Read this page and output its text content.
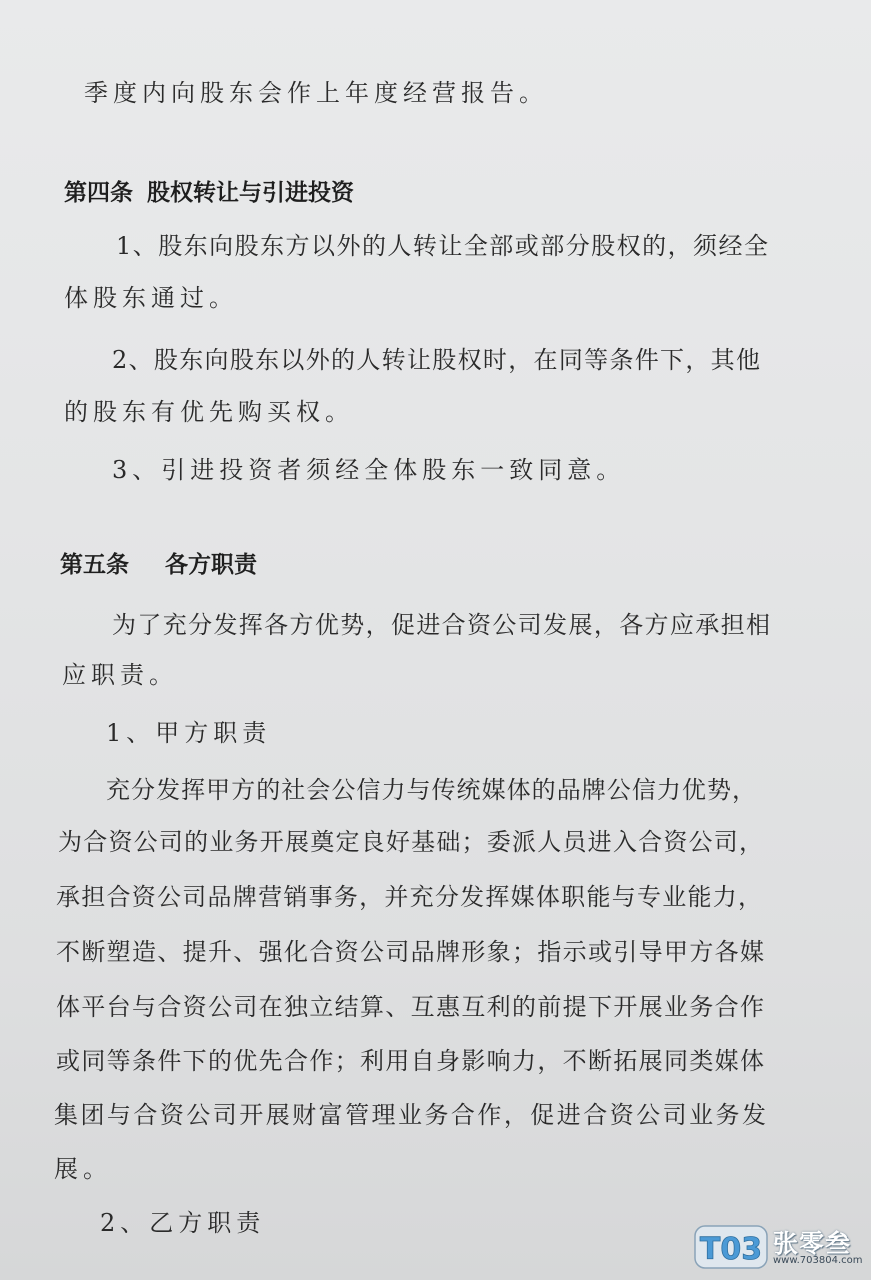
季度内向股东会作上年度经营报告。
第四条 股权转让与引进投资
1、股东向股东方以外的人转让全部或部分股权的，须经全
体股东通过。
2、股东向股东以外的人转让股权时，在同等条件下，其他
的股东有优先购买权。
3、引进投资者须经全体股东一致同意。
第五条 各方职责
为了充分发挥各方优势，促进合资公司发展，各方应承担相
应职责。
1、甲方职责
充分发挥甲方的社会公信力与传统媒体的品牌公信力优势，
为合资公司的业务开展奠定良好基础；委派人员进入合资公司，
承担合资公司品牌营销事务，并充分发挥媒体职能与专业能力，
不断塑造、提升、强化合资公司品牌形象；指示或引导甲方各媒
体平台与合资公司在独立结算、互惠互利的前提下开展业务合作
或同等条件下的优先合作；利用自身影响力，不断拓展同类媒体
集团与合资公司开展财富管理业务合作，促进合资公司业务发
展。
2、乙方职责
T03 张零叁
www.703804.com
